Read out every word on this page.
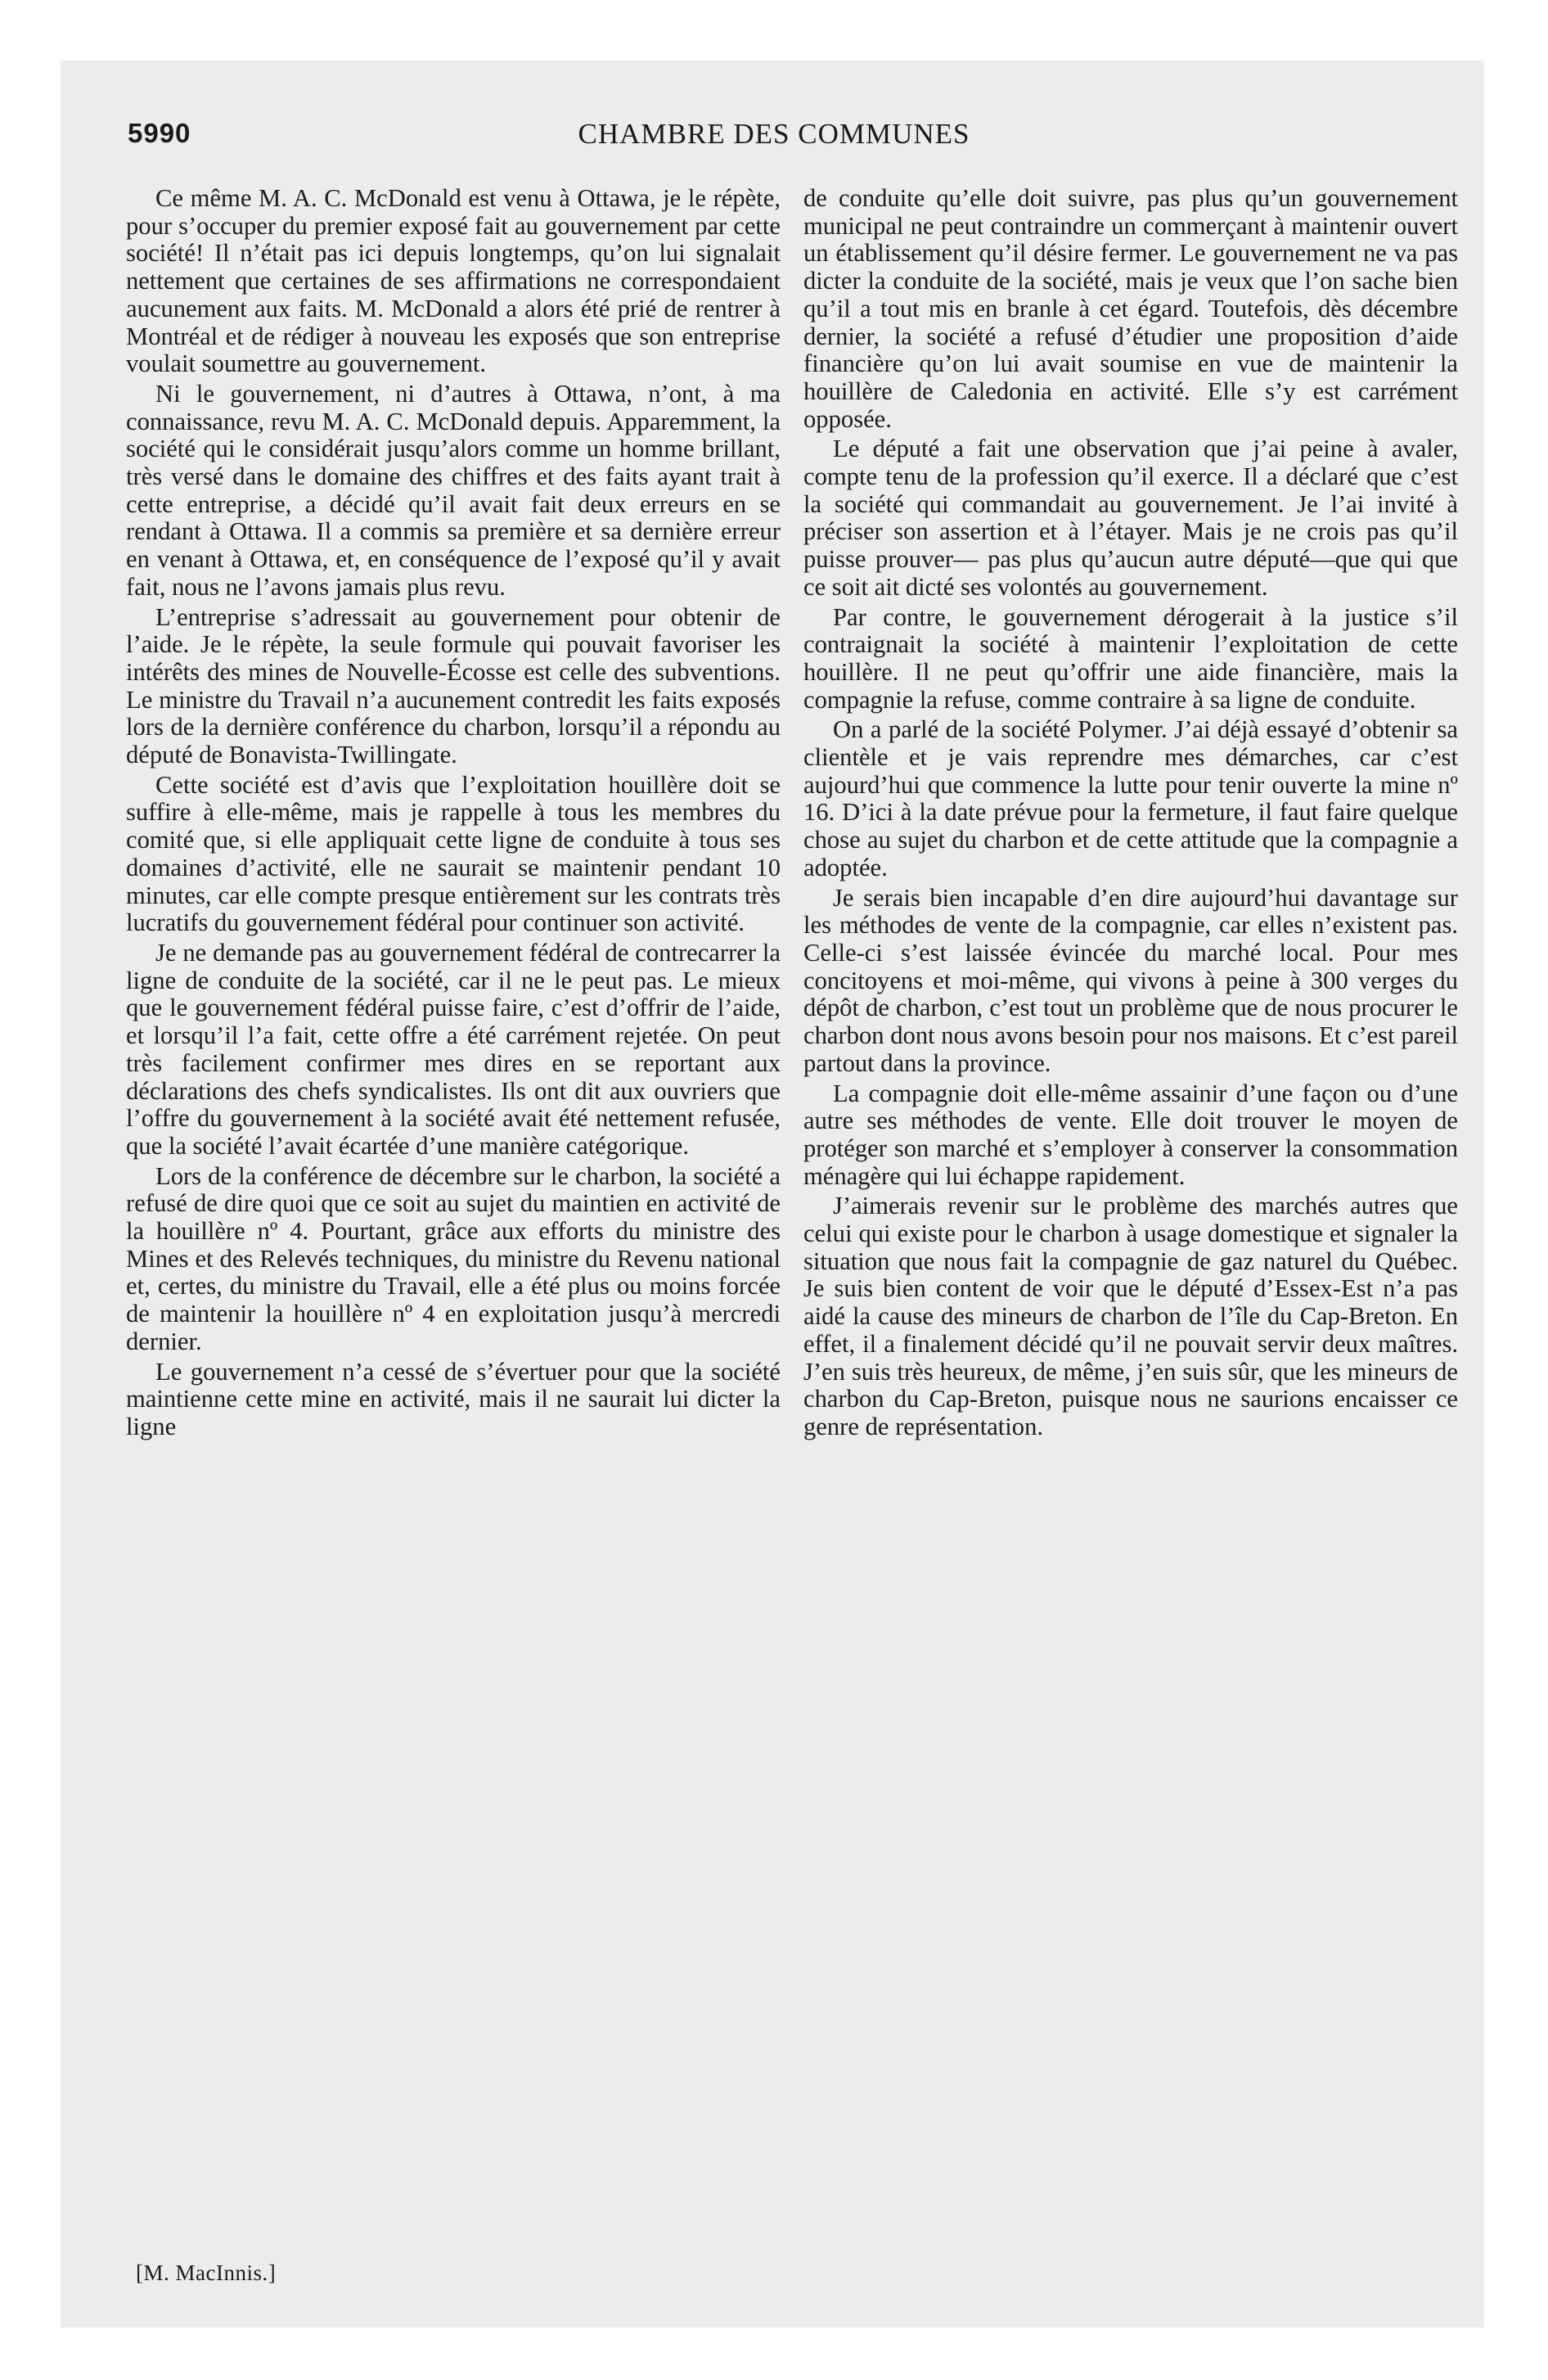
5990	CHAMBRE DES COMMUNES

Ce même M. A. C. McDonald est venu à Ottawa, je le répète, pour s’occuper du premier exposé fait au gouvernement par cette société! Il n’était pas ici depuis longtemps, qu’on lui signalait nettement que certaines de ses affirmations ne correspondaient aucunement aux faits. M. McDonald a alors été prié de rentrer à Montréal et de rédiger à nouveau les exposés que son entreprise voulait soumettre au gouvernement.

Ni le gouvernement, ni d’autres à Ottawa, n’ont, à ma connaissance, revu M. A. C. McDonald depuis. Apparemment, la société qui le considérait jusqu’alors comme un homme brillant, très versé dans le domaine des chiffres et des faits ayant trait à cette entreprise, a décidé qu’il avait fait deux erreurs en se rendant à Ottawa. Il a commis sa première et sa dernière erreur en venant à Ottawa, et, en conséquence de l’exposé qu’il y avait fait, nous ne l’avons jamais plus revu.

L’entreprise s’adressait au gouvernement pour obtenir de l’aide. Je le répète, la seule formule qui pouvait favoriser les intérêts des mines de Nouvelle-Écosse est celle des subventions. Le ministre du Travail n’a aucunement contredit les faits exposés lors de la dernière conférence du charbon, lorsqu’il a répondu au député de Bonavista-Twillingate.

Cette société est d’avis que l’exploitation houillère doit se suffire à elle-même, mais je rappelle à tous les membres du comité que, si elle appliquait cette ligne de conduite à tous ses domaines d’activité, elle ne saurait se maintenir pendant 10 minutes, car elle compte presque entièrement sur les contrats très lucratifs du gouvernement fédéral pour continuer son activité.

Je ne demande pas au gouvernement fédéral de contrecarrer la ligne de conduite de la société, car il ne le peut pas. Le mieux que le gouvernement fédéral puisse faire, c’est d’offrir de l’aide, et lorsqu’il l’a fait, cette offre a été carrément rejetée. On peut très facilement confirmer mes dires en se reportant aux déclarations des chefs syndicalistes. Ils ont dit aux ouvriers que l’offre du gouvernement à la société avait été nettement refusée, que la société l’avait écartée d’une manière catégorique.

Lors de la conférence de décembre sur le charbon, la société a refusé de dire quoi que ce soit au sujet du maintien en activité de la houillère nº 4. Pourtant, grâce aux efforts du ministre des Mines et des Relevés techniques, du ministre du Revenu national et, certes, du ministre du Travail, elle a été plus ou moins forcée de maintenir la houillère nº 4 en exploitation jusqu’à mercredi dernier.

Le gouvernement n’a cessé de s’évertuer pour que la société maintienne cette mine en activité, mais il ne saurait lui dicter la ligne

de conduite qu’elle doit suivre, pas plus qu’un gouvernement municipal ne peut contraindre un commerçant à maintenir ouvert un établissement qu’il désire fermer. Le gouvernement ne va pas dicter la conduite de la société, mais je veux que l’on sache bien qu’il a tout mis en branle à cet égard. Toutefois, dès décembre dernier, la société a refusé d’étudier une proposition d’aide financière qu’on lui avait soumise en vue de maintenir la houillère de Caledonia en activité. Elle s’y est carrément opposée.

Le député a fait une observation que j’ai peine à avaler, compte tenu de la profession qu’il exerce. Il a déclaré que c’est la société qui commandait au gouvernement. Je l’ai invité à préciser son assertion et à l’étayer. Mais je ne crois pas qu’il puisse prouver— pas plus qu’aucun autre député—que qui que ce soit ait dicté ses volontés au gouvernement.

Par contre, le gouvernement dérogerait à la justice s’il contraignait la société à maintenir l’exploitation de cette houillère. Il ne peut qu’offrir une aide financière, mais la compagnie la refuse, comme contraire à sa ligne de conduite.

On a parlé de la société Polymer. J’ai déjà essayé d’obtenir sa clientèle et je vais reprendre mes démarches, car c’est aujourd’hui que commence la lutte pour tenir ouverte la mine nº 16. D’ici à la date prévue pour la fermeture, il faut faire quelque chose au sujet du charbon et de cette attitude que la compagnie a adoptée.

Je serais bien incapable d’en dire aujourd’hui davantage sur les méthodes de vente de la compagnie, car elles n’existent pas. Celle-ci s’est laissée évincée du marché local. Pour mes concitoyens et moi-même, qui vivons à peine à 300 verges du dépôt de charbon, c’est tout un problème que de nous procurer le charbon dont nous avons besoin pour nos maisons. Et c’est pareil partout dans la province.

La compagnie doit elle-même assainir d’une façon ou d’une autre ses méthodes de vente. Elle doit trouver le moyen de protéger son marché et s’employer à conserver la consommation ménagère qui lui échappe rapidement.

J’aimerais revenir sur le problème des marchés autres que celui qui existe pour le charbon à usage domestique et signaler la situation que nous fait la compagnie de gaz naturel du Québec. Je suis bien content de voir que le député d’Essex-Est n’a pas aidé la cause des mineurs de charbon de l’île du Cap-Breton. En effet, il a finalement décidé qu’il ne pouvait servir deux maîtres. J’en suis très heureux, de même, j’en suis sûr, que les mineurs de charbon du Cap-Breton, puisque nous ne saurions encaisser ce genre de représentation.

[M. MacInnis.]
